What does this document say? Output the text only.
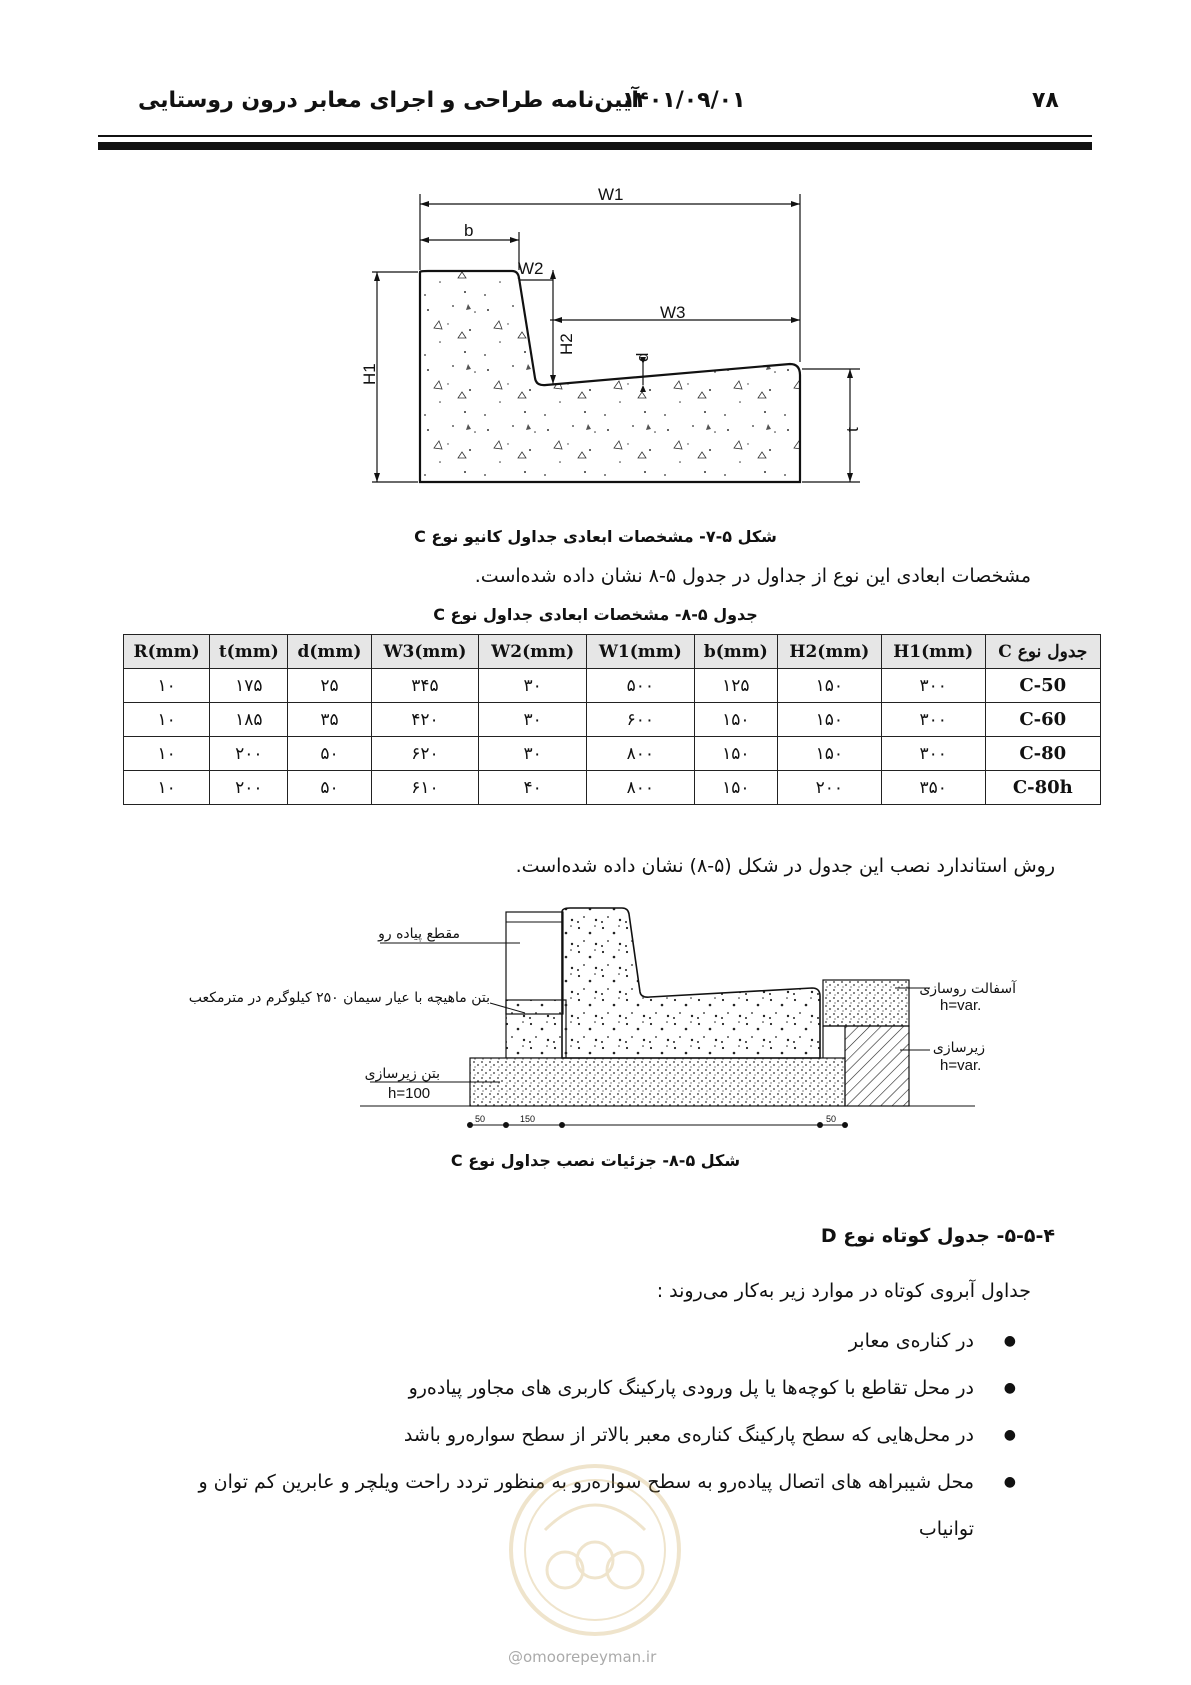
۷۸
۱۴۰۱/۰۹/۰۱
آیین‌نامه طراحی و اجرای معابر درون روستایی
W1
b
W2
W3
H1
H2
d
t
شکل ۵-۷- مشخصات ابعادی جداول کانیو نوع C
مشخصات ابعادی این نوع از جداول در جدول ۵-۸ نشان داده شده‌است.
جدول ۵-۸- مشخصات ابعادی جداول نوع C
جدول نوع C	H1(mm)	H2(mm)	b(mm)	W1(mm)	W2(mm)	W3(mm)	d(mm)	t(mm)	R(mm)
C-50	۳۰۰	۱۵۰	۱۲۵	۵۰۰	۳۰	۳۴۵	۲۵	۱۷۵	۱۰
C-60	۳۰۰	۱۵۰	۱۵۰	۶۰۰	۳۰	۴۲۰	۳۵	۱۸۵	۱۰
C-80	۳۰۰	۱۵۰	۱۵۰	۸۰۰	۳۰	۶۲۰	۵۰	۲۰۰	۱۰
C-80h	۳۵۰	۲۰۰	۱۵۰	۸۰۰	۴۰	۶۱۰	۵۰	۲۰۰	۱۰
روش استاندارد نصب این جدول در شکل (۵-۸) نشان داده شده‌است.
50	150	50
مقطع پیاده رو
بتن ماهیچه با عیار سیمان ۲۵۰ کیلوگرم در مترمکعب
بتن زیرسازی
آسفالت روسازی
زیرسازی
h=100
h=var.
h=var.
شکل ۵-۸- جزئیات نصب جداول نوع C
۵-۵-۴- جدول کوتاه نوع D
جداول آبروی کوتاه در موارد زیر به‌کار می‌روند :
● در کناره‌ی معابر
● در محل تقاطع با کوچه‌ها یا پل ورودی پارکینگ کاربری های مجاور پیاده‌رو
● در محل‌هایی که سطح پارکینگ کناره‌ی معبر بالاتر از سطح سواره‌رو باشد
● محل شیبراهه های اتصال پیاده‌رو به سطح سواره‌رو به منظور تردد راحت ویلچر و عابرین کم توان و توانیاب
@omoorepeyman.ir
